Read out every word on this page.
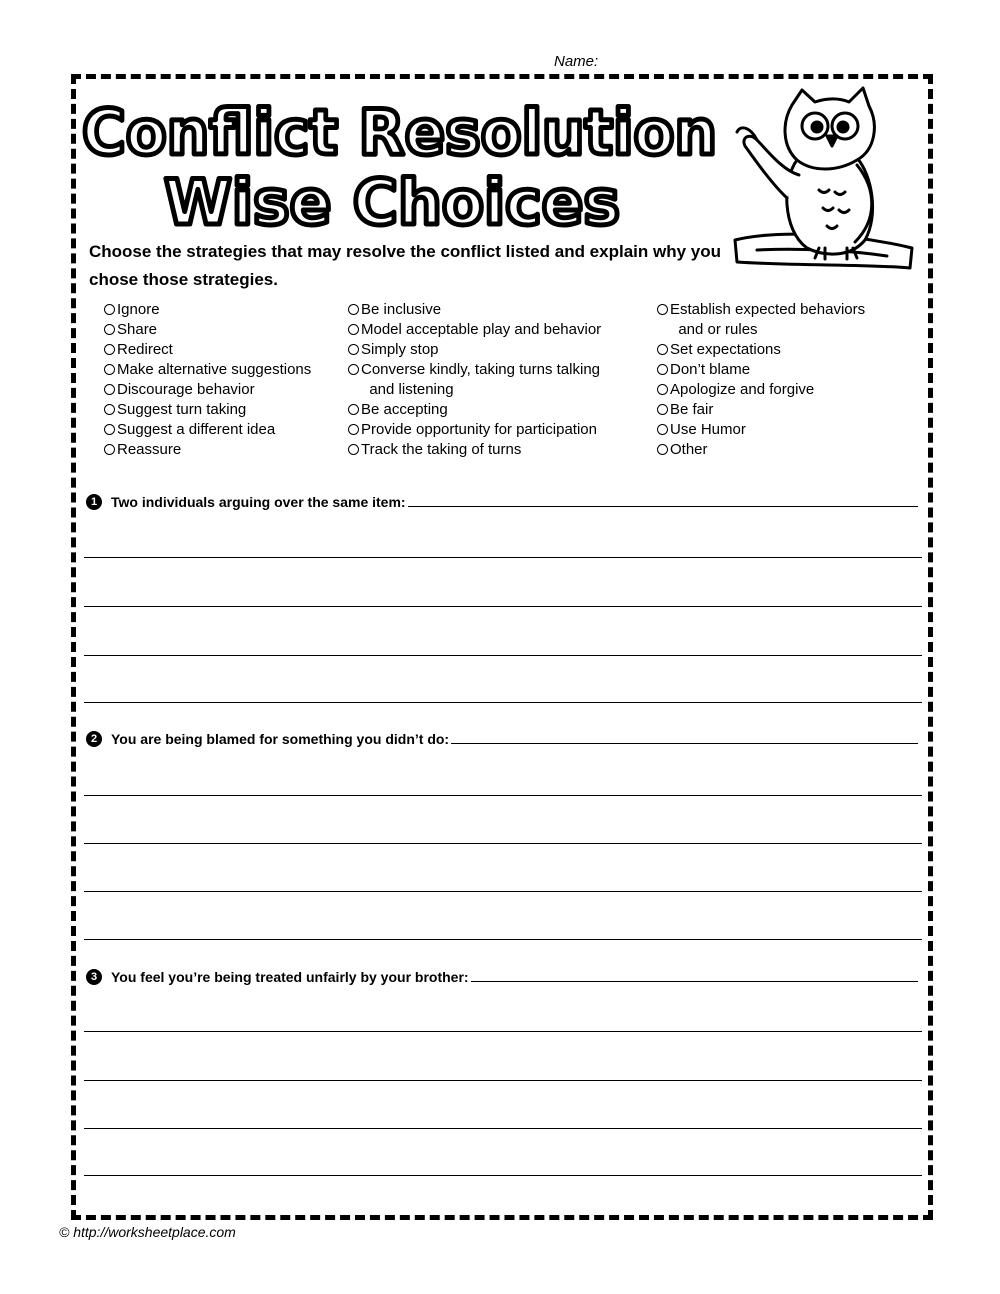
Name:
Conflict Resolution
Wise Choices
Choose the strategies that may resolve the conflict listed and explain why you chose those strategies.
Ignore
Share
Redirect
Make alternative suggestions
Discourage behavior
Suggest turn taking
Suggest a different idea
Reassure
Be inclusive
Model acceptable play and behavior
Simply stop
Converse kindly, taking turns talking
and listening
Be accepting
Provide opportunity for participation
Track the taking of turns
Establish expected behaviors
and or rules
Set expectations
Don’t blame
Apologize and forgive
Be fair
Use Humor
Other
1 Two individuals arguing over the same item:
2 You are being blamed for something you didn’t do:
3 You feel you’re being treated unfairly by your brother:
© http://worksheetplace.com
